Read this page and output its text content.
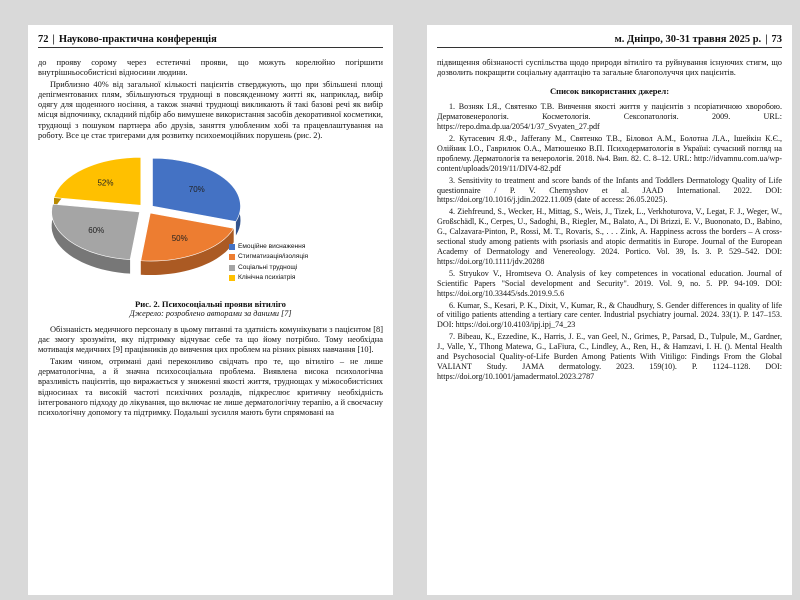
72 | Науково-практична конференція

до прояву сорому через естетичні прояви, що можуть корелюйно погіршити внутрішньособистісні відносини людини.

Приблизно 40% від загальної кількості пацієнтів стверджують, що при збільшені площі депігментованих плям, збільшуються труднощі в повсякденному житті як, наприклад, вибір одягу для щоденного носіння, а також значні труднощі викликають й такі базові речі як вибір місця відпочинку, складний підбір або вимушене використання засобів декоративної косметики, труднощі з пошуком партнера або друзів, заняття улюбленим хобі та працевлаштування на роботу. Все це стає тригерами для розвитку психоемоційних порушень (рис. 2).

70%
50%
60%
52%
Емоційне виснаження
Стигматизація/ізоляція
Соціальні труднощі
Клінічна психіатрія
Рис. 2. Психосоціальні прояви вітиліго
Джерело: розроблено авторами за даними [7]

Обізнаність медичного персоналу в цьому питанні та здатність комунікувати з пацієнтом [8] дає змогу зрозуміти, яку підтримку відчуває себе та що йому потрібно. Тому необхідна мотивація медичних [9] працівників до вивчення цих проблем на різних рівнях навчання [10].

Таким чином, отримані дані переконливо свідчать про те, що вітиліго – не лише дерматологічна, а й значна психосоціальна проблема. Виявлена висока психологічна вразливість пацієнтів, що виражається у зниженні якості життя, труднощах у міжособистісних відносинах та високій частоті психічних розладів, підкреслює критичну необхідність інтегрованого підходу до лікування, що включає не лише дерматологічну терапію, а й своєчасну психологічну допомогу та підтримку. Подальші зусилля мають бути спрямовані на

м. Дніпро, 30-31 травня 2025 р. | 73

підвищення обізнаності суспільства щодо природи вітиліго та руйнування існуючих стигм, що дозволить покращити соціальну адаптацію та загальне благополуччя цих пацієнтів.

Список використаних джерел:
1. Возняк І.Я., Святенко Т.В. Вивчення якості життя у пацієнтів з псоріатичною хворобою. Дерматовенерологія. Косметологія. Сексопатологія. 2009. URL: https://repo.dma.dp.ua/2054/1/37_Svyaten_27.pdf
2. Кутасевич Я.Ф., Jafferany M., Святенко Т.В., Біловол А.М., Болотна Л.А., Ішейкін К.Є., Олійник І.О., Гаврилюк О.А., Матюшенко В.П. Психодерматологія в Україні: сучасний погляд на проблему. Дерматологія та венерологія. 2018. №4. Вип. 82. С. 8–12. URL: http://idvamnu.com.ua/wp-content/uploads/2019/11/DIV4-82.pdf
3. Sensitivity to treatment and score bands of the Infants and Toddlers Dermatology Quality of Life questionnaire / P. V. Chernyshov et al. JAAD International. 2022. DOI: https://doi.org/10.1016/j.jdin.2022.11.009 (date of access: 26.05.2025).
4. Ziehfreund, S., Wecker, H., Mittag, S., Weis, J., Tizek, L., Verkhoturova, V., Legat, F. J., Weger, W., Großschädl, K., Cerpes, U., Sadoghi, B., Riegler, M., Balato, A., Di Brizzi, E. V., Buononato, D., Babino, G., Calzavara-Pinton, P., Rossi, M. T., Rovaris, S., . . . Zink, A. Happiness across the borders – A cross-sectional study among patients with psoriasis and atopic dermatitis in Europe. Journal of the European Academy of Dermatology and Venereology. 2024. Portico. Vol. 39, Is. 3. P. 529–542. DOI: https://doi.org/10.1111/jdv.20288
5. Stryukov V., Hromtseva O. Analysis of key competences in vocational education. Journal of Scientific Papers "Social development and Security". 2019. Vol. 9, no. 5. PP. 94-109. DOI: https://doi.org/10.33445/sds.2019.9.5.6
6. Kumar, S., Kesari, P. K., Dixit, V., Kumar, R., & Chaudhury, S. Gender differences in quality of life of vitiligo patients attending a tertiary care center. Industrial psychiatry journal. 2024. 33(1). P. 147–153. DOI: https://doi.org/10.4103/ipj.ipj_74_23
7. Bibeau, K., Ezzedine, K., Harris, J. E., van Geel, N., Grimes, P., Parsad, D., Tulpule, M., Gardner, J., Valle, Y., Tlhong Matewa, G., LaFiura, C., Lindley, A., Ren, H., & Hamzavi, I. H. (). Mental Health and Psychosocial Quality-of-Life Burden Among Patients With Vitiligo: Findings From the Global VALIANT Study. JAMA dermatology. 2023. 159(10). P. 1124–1128. DOI: https://doi.org/10.1001/jamadermatol.2023.2787
